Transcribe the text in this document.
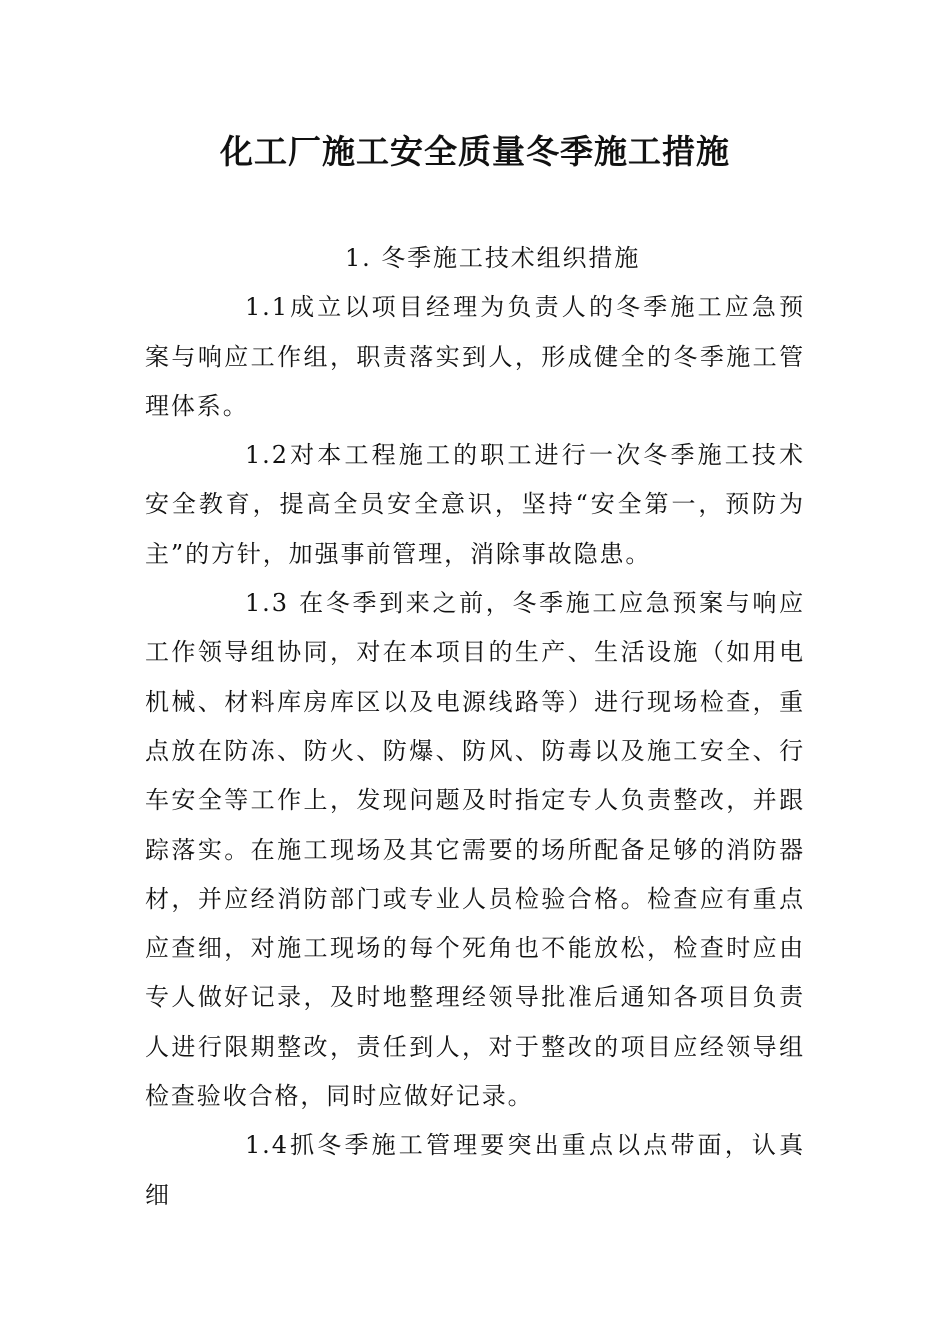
化工厂施工安全质量冬季施工措施
1. 冬季施工技术组织措施

1.1成立以项目经理为负责人的冬季施工应急预案与响应工作组，职责落实到人，形成健全的冬季施工管理体系。

1.2对本工程施工的职工进行一次冬季施工技术安全教育，提高全员安全意识，坚持“安全第一，预防为主”的方针，加强事前管理，消除事故隐患。

1.3 在冬季到来之前，冬季施工应急预案与响应工作领导组协同，对在本项目的生产、生活设施（如用电机械、材料库房库区以及电源线路等）进行现场检查，重点放在防冻、防火、防爆、防风、防毒以及施工安全、行车安全等工作上，发现问题及时指定专人负责整改，并跟踪落实。在施工现场及其它需要的场所配备足够的消防器材，并应经消防部门或专业人员检验合格。检查应有重点应查细，对施工现场的每个死角也不能放松，检查时应由专人做好记录，及时地整理经领导批准后通知各项目负责人进行限期整改，责任到人，对于整改的项目应经领导组检查验收合格，同时应做好记录。

1.4抓冬季施工管理要突出重点以点带面，认真细
